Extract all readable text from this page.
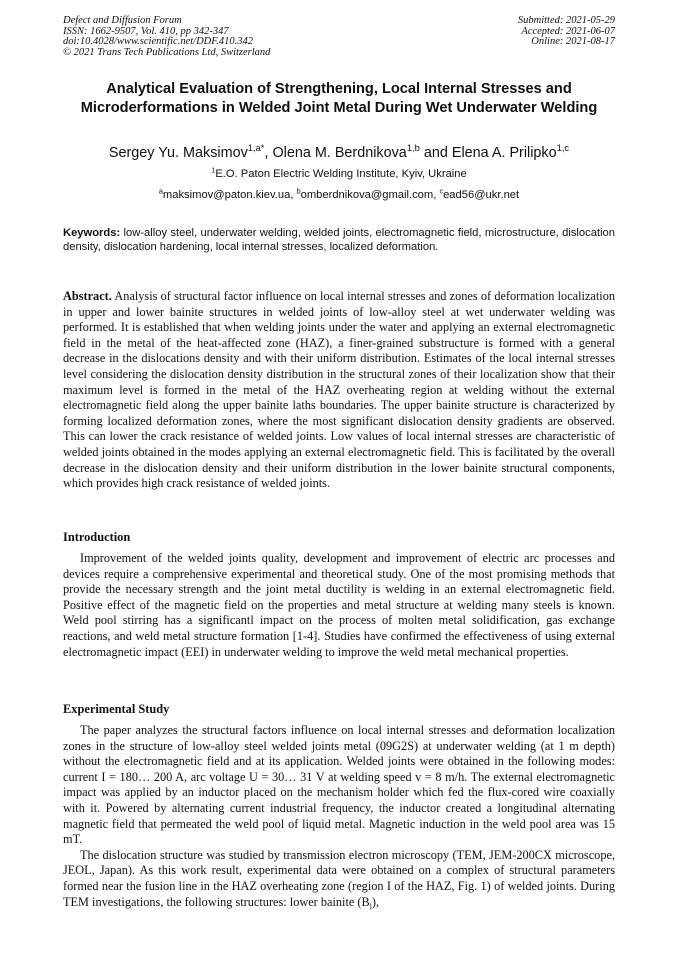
Defect and Diffusion Forum
ISSN: 1662-9507, Vol. 410, pp 342-347
doi:10.4028/www.scientific.net/DDF.410.342
© 2021 Trans Tech Publications Ltd, Switzerland
Submitted: 2021-05-29
Accepted: 2021-06-07
Online: 2021-08-17
Analytical Evaluation of Strengthening, Local Internal Stresses and Microderformations in Welded Joint Metal During Wet Underwater Welding
Sergey Yu. Maksimov$^{1,a*}$, Olena M. Berdnikova$^{1,b}$ and Elena A. Prilipko$^{1,c}$
$^1$E.O. Paton Electric Welding Institute, Kyiv, Ukraine
$^a$maksimov@paton.kiev.ua, $^b$omberdnikova@gmail.com, $^c$ead56@ukr.net
Keywords: low-alloy steel, underwater welding, welded joints, electromagnetic field, microstructure, dislocation density, dislocation hardening, local internal stresses, localized deformation.
Abstract. Analysis of structural factor influence on local internal stresses and zones of deformation localization in upper and lower bainite structures in welded joints of low-alloy steel at wet underwater welding was performed. It is established that when welding joints under the water and applying an external electromagnetic field in the metal of the heat-affected zone (HAZ), a finer-grained substructure is formed with a general decrease in the dislocations density and with their uniform distribution. Estimates of the local internal stresses level considering the dislocation density distribution in the structural zones of their localization show that their maximum level is formed in the metal of the HAZ overheating region at welding without the external electromagnetic field along the upper bainite laths boundaries. The upper bainite structure is characterized by forming localized deformation zones, where the most significant dislocation density gradients are observed. This can lower the crack resistance of welded joints. Low values of local internal stresses are characteristic of welded joints obtained in the modes applying an external electromagnetic field. This is facilitated by the overall decrease in the dislocation density and their uniform distribution in the lower bainite structural components, which provides high crack resistance of welded joints.
Introduction

Improvement of the welded joints quality, development and improvement of electric arc processes and devices require a comprehensive experimental and theoretical study. One of the most promising methods that provide the necessary strength and the joint metal ductility is welding in an external electromagnetic field. Positive effect of the magnetic field on the properties and metal structure at welding many steels is known. Weld pool stirring has a significantl impact on the process of molten metal solidification, gas exchange reactions, and weld metal structure formation [1-4]. Studies have confirmed the effectiveness of using external electromagnetic impact (EEI) in underwater welding to improve the weld metal mechanical properties.

Experimental Study

The paper analyzes the structural factors influence on local internal stresses and deformation localization zones in the structure of low-alloy steel welded joints metal (09G2S) at underwater welding (at 1 m depth) without the electromagnetic field and at its application. Welded joints were obtained in the following modes: current I = 180… 200 A, arc voltage U = 30… 31 V at welding speed v = 8 m/h. The external electromagnetic impact was applied by an inductor placed on the mechanism holder which fed the flux-cored wire coaxially with it. Powered by alternating current industrial frequency, the inductor created a longitudinal alternating magnetic field that permeated the weld pool of liquid metal. Magnetic induction in the weld pool area was 15 mT.

The dislocation structure was studied by transmission electron microscopy (TEM, JEM-200CX microscope, JEOL, Japan). As this work result, experimental data were obtained on a complex of structural parameters formed near the fusion line in the HAZ overheating zone (region I of the HAZ, Fig. 1) of welded joints. During TEM investigations, the following structures: lower bainite $(B_l)$,
